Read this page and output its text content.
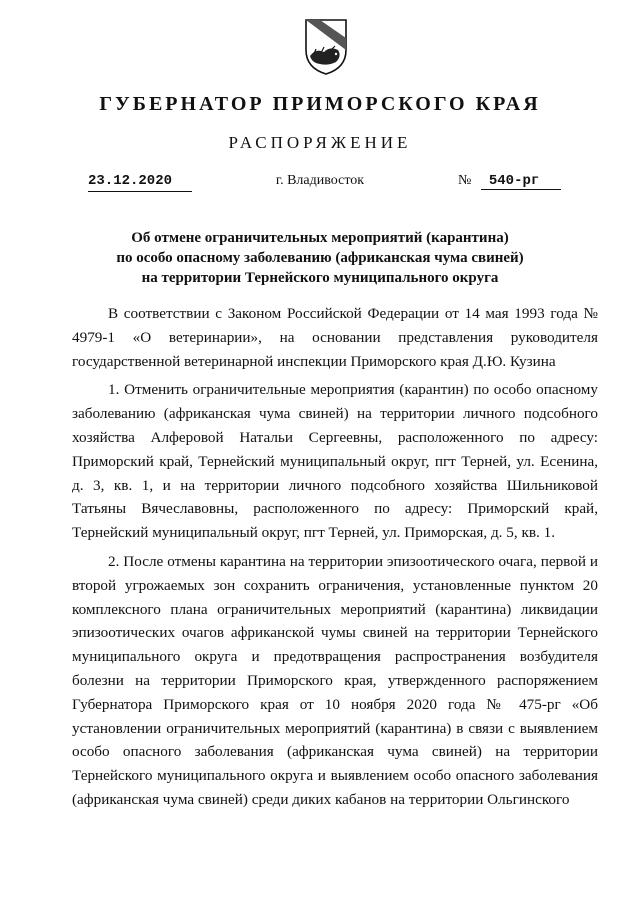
ГУБЕРНАТОР ПРИМОРСКОГО КРАЯ
РАСПОРЯЖЕНИЕ
23.12.2020	г. Владивосток	№ 540-рг
Об отмене ограничительных мероприятий (карантина)
по особо опасному заболеванию (африканская чума свиней)
на территории Тернейского муниципального округа

В соответствии с Законом Российской Федерации от 14 мая 1993 года № 4979-1 «О ветеринарии», на основании представления руководителя государственной ветеринарной инспекции Приморского края Д.Ю. Кузина

1. Отменить ограничительные мероприятия (карантин) по особо опасному заболеванию (африканская чума свиней) на территории личного подсобного хозяйства Алферовой Натальи Сергеевны, расположенного по адресу: Приморский край, Тернейский муниципальный округ, пгт Терней, ул. Есенина, д. 3, кв. 1, и на территории личного подсобного хозяйства Шильниковой Татьяны Вячеславовны, расположенного по адресу: Приморский край, Тернейский муниципальный округ, пгт Терней, ул. Приморская, д. 5, кв. 1.

2. После отмены карантина на территории эпизоотического очага, первой и второй угрожаемых зон сохранить ограничения, установленные пунктом 20 комплексного плана ограничительных мероприятий (карантина) ликвидации эпизоотических очагов африканской чумы свиней на территории Тернейского муниципального округа и предотвращения распространения возбудителя болезни на территории Приморского края, утвержденного распоряжением Губернатора Приморского края от 10 ноября 2020 года № 475-рг «Об установлении ограничительных мероприятий (карантина) в связи с выявлением особо опасного заболевания (африканская чума свиней) на территории Тернейского муниципального округа и выявлением особо опасного заболевания (африканская чума свиней) среди диких кабанов на территории Ольгинского
